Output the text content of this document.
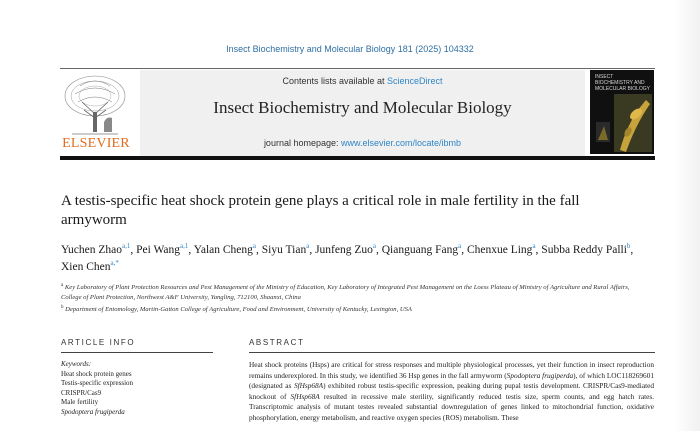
Insect Biochemistry and Molecular Biology 181 (2025) 104332
ELSEVIER
Contents lists available at ScienceDirect
Insect Biochemistry and Molecular Biology
journal homepage: www.elsevier.com/locate/ibmb
INSECT BIOCHEMISTRY AND MOLECULAR BIOLOGY
A testis-specific heat shock protein gene plays a critical role in male fertility in the fall armyworm
Yuchen Zhao$^{a,1}$, Pei Wang$^{a,1}$, Yalan Cheng$^a$, Siyu Tian$^a$, Junfeng Zuo$^a$, Qianguang Fang$^a$, Chenxue Ling$^a$, Subba Reddy Palli$^b$, Xien Chen$^{a,*}$
$^a$ Key Laboratory of Plant Protection Resources and Pest Management of the Ministry of Education, Key Laboratory of Integrated Pest Management on the Loess Plateau of Ministry of Agriculture and Rural Affairs, College of Plant Protection, Northwest A&F University, Yangling, 712100, Shaanxi, China
$^b$ Department of Entomology, Martin-Gatton College of Agriculture, Food and Environment, University of Kentucky, Lexington, USA
ARTICLE INFO	ABSTRACT
Keywords:
Heat shock protein genes
Testis-specific expression
CRISPR/Cas9
Male fertility
Spodoptera frugiperda

Heat shock proteins (Hsps) are critical for stress responses and multiple physiological processes, yet their function in insect reproduction remains underexplored. In this study, we identified 36 Hsp genes in the fall armyworm (Spodoptera frugiperda), of which LOC118269601 (designated as SfHsp68A) exhibited robust testis-specific expression, peaking during pupal testis development. CRISPR/Cas9-mediated knockout of SfHsp68A resulted in recessive male sterility, significantly reduced testis size, sperm counts, and egg hatch rates. Transcriptomic analysis of mutant testes revealed substantial downregulation of genes linked to mitochondrial function, oxidative phosphorylation, energy metabolism, and reactive oxygen species (ROS) metabolism. These
